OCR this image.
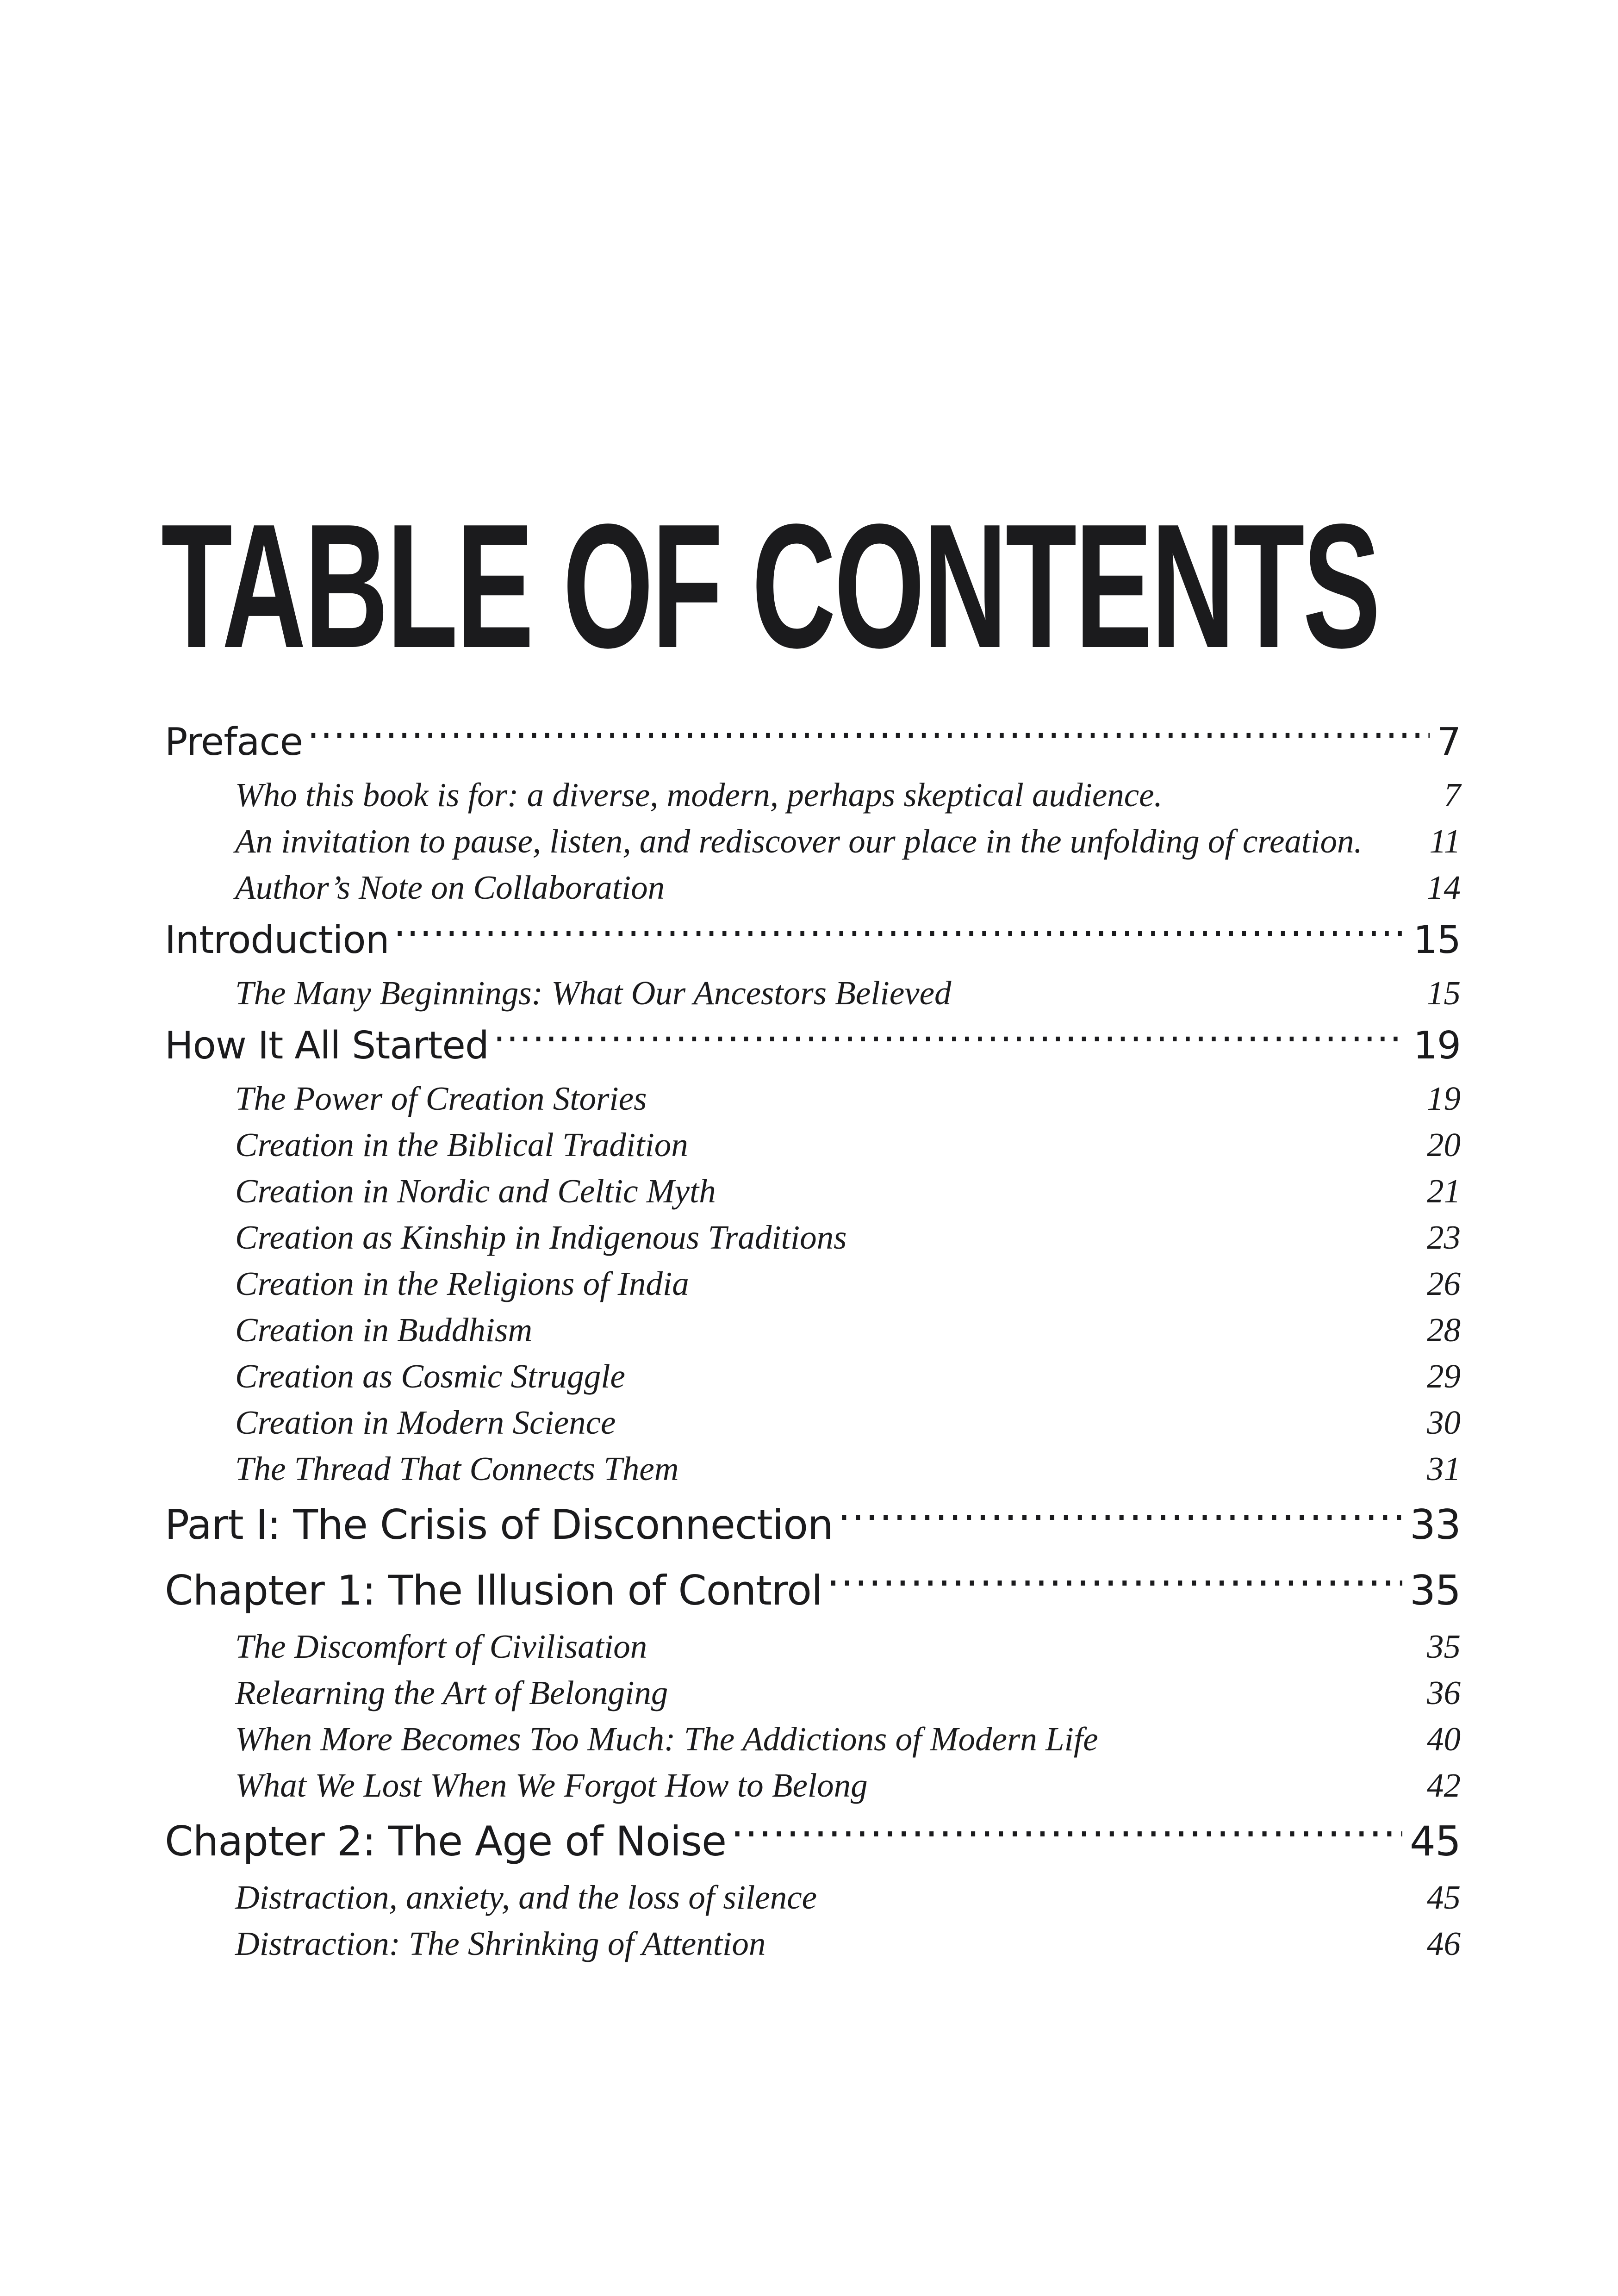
TABLE OF CONTENTS
Preface .....	7
Who this book is for: a diverse, modern, perhaps skeptical audience.	7
An invitation to pause, listen, and rediscover our place in the unfolding of creation. 11
Author’s Note on Collaboration	14
Introduction .....	15
The Many Beginnings: What Our Ancestors Believed	15
How It All Started .....	19
The Power of Creation Stories	19
Creation in the Biblical Tradition	20
Creation in Nordic and Celtic Myth	21
Creation as Kinship in Indigenous Traditions	23
Creation in the Religions of India	26
Creation in Buddhism	28
Creation as Cosmic Struggle	29
Creation in Modern Science	30
The Thread That Connects Them	31
Part I: The Crisis of Disconnection .....	33
Chapter 1: The Illusion of Control .....	35
The Discomfort of Civilisation	35
Relearning the Art of Belonging	36
When More Becomes Too Much: The Addictions of Modern Life	40
What We Lost When We Forgot How to Belong	42
Chapter 2: The Age of Noise .....	45
Distraction, anxiety, and the loss of silence	45
Distraction: The Shrinking of Attention	46
